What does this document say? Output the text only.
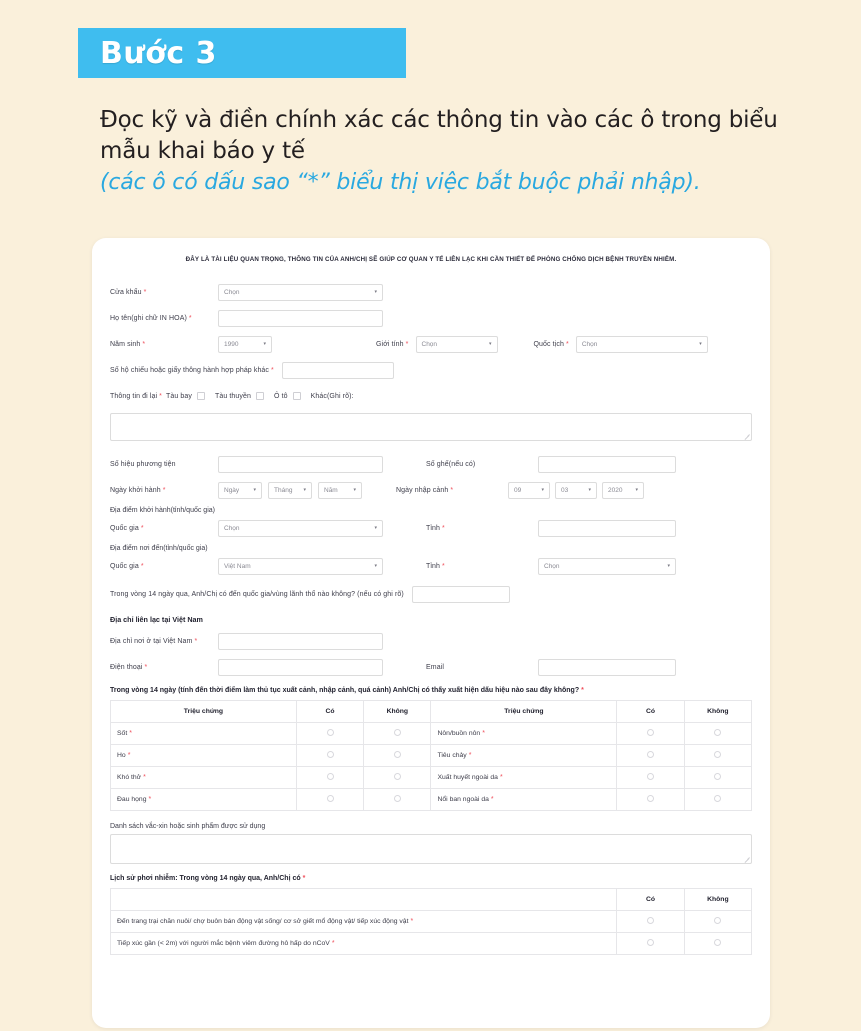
Bước 3
Đọc kỹ và điền chính xác các thông tin vào các ô trong biểu
mẫu khai báo y tế
(các ô có dấu sao “*” biểu thị việc bắt buộc phải nhập).
ĐÂY LÀ TÀI LIỆU QUAN TRỌNG, THÔNG TIN CỦA ANH/CHỊ SẼ GIÚP CƠ QUAN Y TẾ LIÊN LẠC KHI CẦN THIẾT ĐỂ PHÒNG CHỐNG DỊCH BỆNH TRUYỀN NHIỄM.
Cửa khẩu *	Chọn	▾
Họ tên(ghi chữ IN HOA) *
Năm sinh *	1990	▾	Giới tính * Chọn	▾	Quốc tịch * Chọn	▾
Số hộ chiếu hoặc giấy thông hành hợp pháp khác *
Thông tin đi lại * Tàu bay	Tàu thuyền	Ô tô	Khác(Ghi rõ):
Số hiệu phương tiện	Số ghế(nếu có)
Ngày khởi hành *	Ngày	▾	Tháng ▾	Năm	▾	Ngày nhập cảnh *	09	▾	03	▾	2020	▾
Địa điểm khởi hành(tỉnh/quốc gia)
Quốc gia *	Chọn	▾	Tỉnh *
Địa điểm nơi đến(tỉnh/quốc gia)
Quốc gia *	Việt Nam	▾	Tỉnh *	Chọn	▾
Trong vòng 14 ngày qua, Anh/Chị có đến quốc gia/vùng lãnh thổ nào không? (nếu có ghi rõ)
Địa chỉ liên lạc tại Việt Nam
Địa chỉ nơi ở tại Việt Nam *
Điện thoại *	Email
Trong vòng 14 ngày (tính đến thời điểm làm thủ tục xuất cảnh, nhập cảnh, quá cảnh) Anh/Chị có thấy xuất hiện dấu hiệu nào sau đây không? *
Triệu chứng	Có	Không	Triệu chứng	Có	Không
Sốt *			Nôn/buồn nôn *		
Ho *			Tiêu chảy *		
Khó thở *			Xuất huyết ngoài da *		
Đau họng *			Nổi ban ngoài da *		
Danh sách vắc-xin hoặc sinh phẩm được sử dụng
Lịch sử phơi nhiễm: Trong vòng 14 ngày qua, Anh/Chị có *
	Có	Không
Đến trang trại chăn nuôi/ chợ buôn bán động vật sống/ cơ sở giết mổ động vật/ tiếp xúc động vật *		
Tiếp xúc gần (< 2m) với người mắc bệnh viêm đường hô hấp do nCoV *		
